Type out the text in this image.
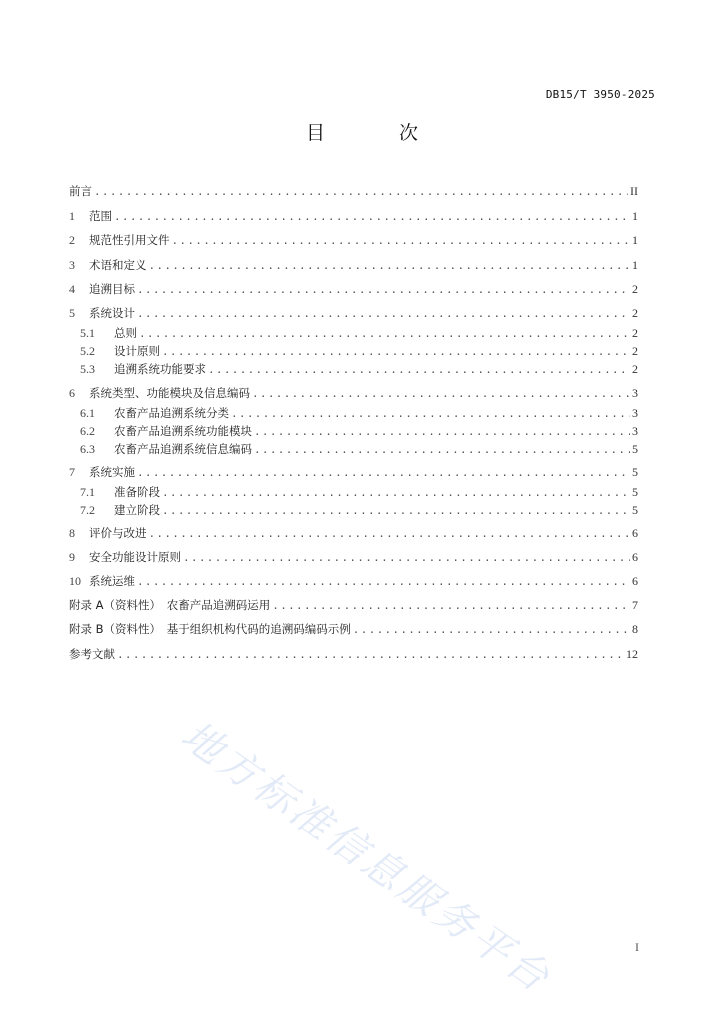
DB15/T 3950-2025
目 次
前言 .....	II
1	范围 .....	1
2	规范性引用文件 .....	1
3	术语和定义 .....	1
4	追溯目标 .....	2
5	系统设计 .....	2
5.1	总则 .....	2
5.2	设计原则 .....	2
5.3	追溯系统功能要求 .....	2
6	系统类型、功能模块及信息编码 .....	3
6.1	农畜产品追溯系统分类 .....	3
6.2	农畜产品追溯系统功能模块 .....	3
6.3	农畜产品追溯系统信息编码 .....	5
7	系统实施 .....	5
7.1	准备阶段 .....	5
7.2	建立阶段 .....	5
8	评价与改进 .....	6
9	安全功能设计原则 .....	6
10 系统运维 .....	6
附录 A（资料性）　农畜产品追溯码运用 .....	7
附录 B（资料性）　基于组织机构代码的追溯码编码示例 .....	8
参考文献 .....	12
I
地方标准信息服务平台
